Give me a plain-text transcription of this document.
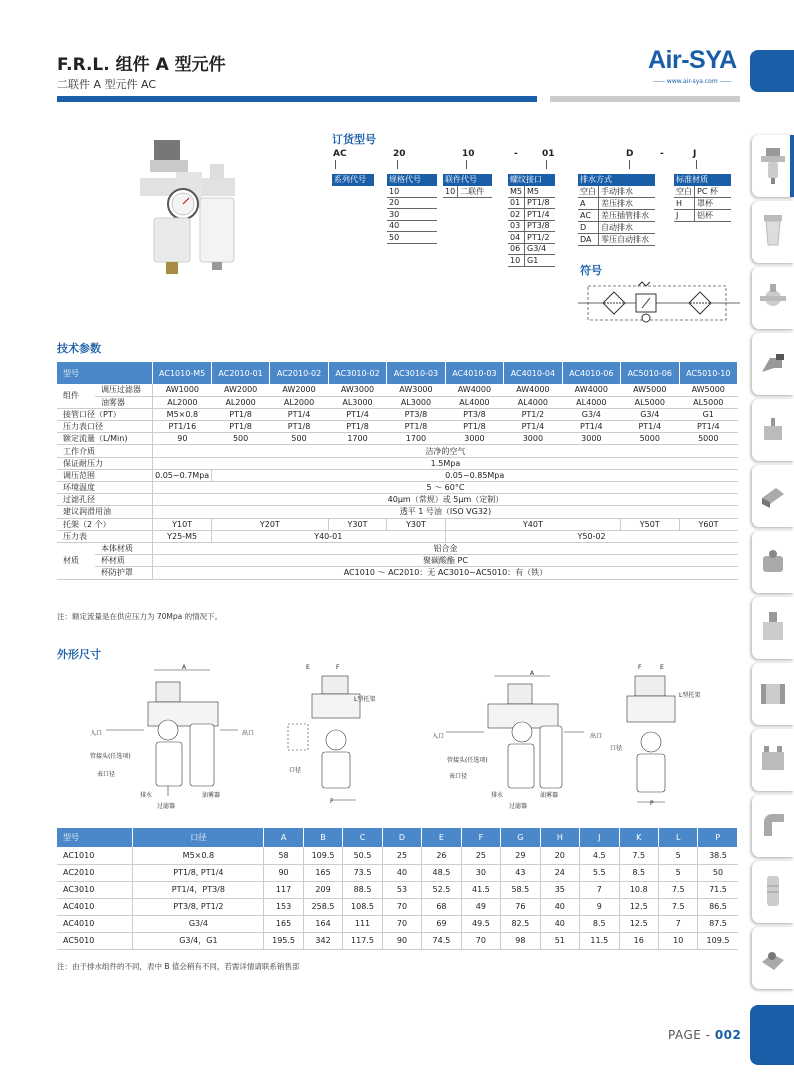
F.R.L. 组件 A 型元件
二联件 A 型元件 AC
Air-SYA
—— www.air-sya.com ——
订货型号
AC	20	10	-	01	D	-	J
系列代号	规格代号
10
20
30
40
50
联件代号
10	二联件
螺纹接口	
M5	M5
01	PT1/8
02	PT1/4
03	PT3/8
04	PT1/2
06	G3/4
10	G1
排水方式	
空白	手动排水
A	差压排水
AC	差压插管排水
D	自动排水
DA	零压自动排水
标准材质	
空白	PC 杯
H	罩杯
J	铝杯
符号
技术参数
型号		AC1010-M5	AC2010-01	AC2010-02	AC3010-02	AC3010-03	AC4010-03	AC4010-04	AC4010-06	AC5010-06	AC5010-10
组件	调压过滤器	AW1000	AW2000	AW2000	AW3000	AW3000	AW4000	AW4000	AW4000	AW5000	AW5000
	油雾器	AL2000	AL2000	AL2000	AL3000	AL3000	AL4000	AL4000	AL4000	AL5000	AL5000
接管口径（PT）		M5×0.8	PT1/8	PT1/4	PT1/4	PT3/8	PT3/8	PT1/2	G3/4	G3/4	G1
压力表口径		PT1/16	PT1/8	PT1/8	PT1/8	PT1/8	PT1/8	PT1/4	PT1/4	PT1/4	PT1/4
额定流量（L/Min)		90	500	500	1700	1700	3000	3000	3000	5000	5000
工作介质		洁净的空气									
保证耐压力		1.5Mpa									
调压范围		0.05~0.7Mpa	0.05~0.85Mpa								
环境温度		5 ～ 60°C									
过滤孔径		40μm（常规）或 5μm（定制）									
建议润滑用油		透平 1 号油（ISO VG32)									
托架（2 个）		Y10T	Y20T		Y30T	Y30T	Y40T			Y50T	Y60T
压力表		Y25-M5	Y40-01				Y50-02				
材质	本体材质	铝合金									
	杯材质	聚碳酸酯 PC									
	杯防护罩	AC1010 ～ AC2010：无 AC3010~AC5010：有（铁）									
注：额定流量是在供应压力为 70Mpa 的情况下。
外形尺寸
A
入口	出口
管接头(任选项)
表口径
排水
过滤器
油雾器
E	F
L型托架
口径
P
A
入口	出口
管接头(任选项)
表口径
排水
过滤器
油雾器
F	E
L型托架
口径
P
型号	口径	A	B	C	D	E	F	G	H	J	K	L	P
AC1010	M5×0.8	58	109.5	50.5	25	26	25	29	20	4.5	7.5	5	38.5
AC2010	PT1/8, PT1/4	90	165	73.5	40	48.5	30	43	24	5.5	8.5	5	50
AC3010	PT1/4，PT3/8	117	209	88.5	53	52.5	41.5	58.5	35	7	10.8	7.5	71.5
AC4010	PT3/8, PT1/2	153	258.5	108.5	70	68	49	76	40	9	12.5	7.5	86.5
AC4010	G3/4	165	164	111	70	69	49.5	82.5	40	8.5	12.5	7	87.5
AC5010	G3/4，G1	195.5	342	117.5	90	74.5	70	98	51	11.5	16	10	109.5
注：由于排水组件的不同，表中 B 值会稍有不同，若需详情请联系销售部
PAGE - 002
